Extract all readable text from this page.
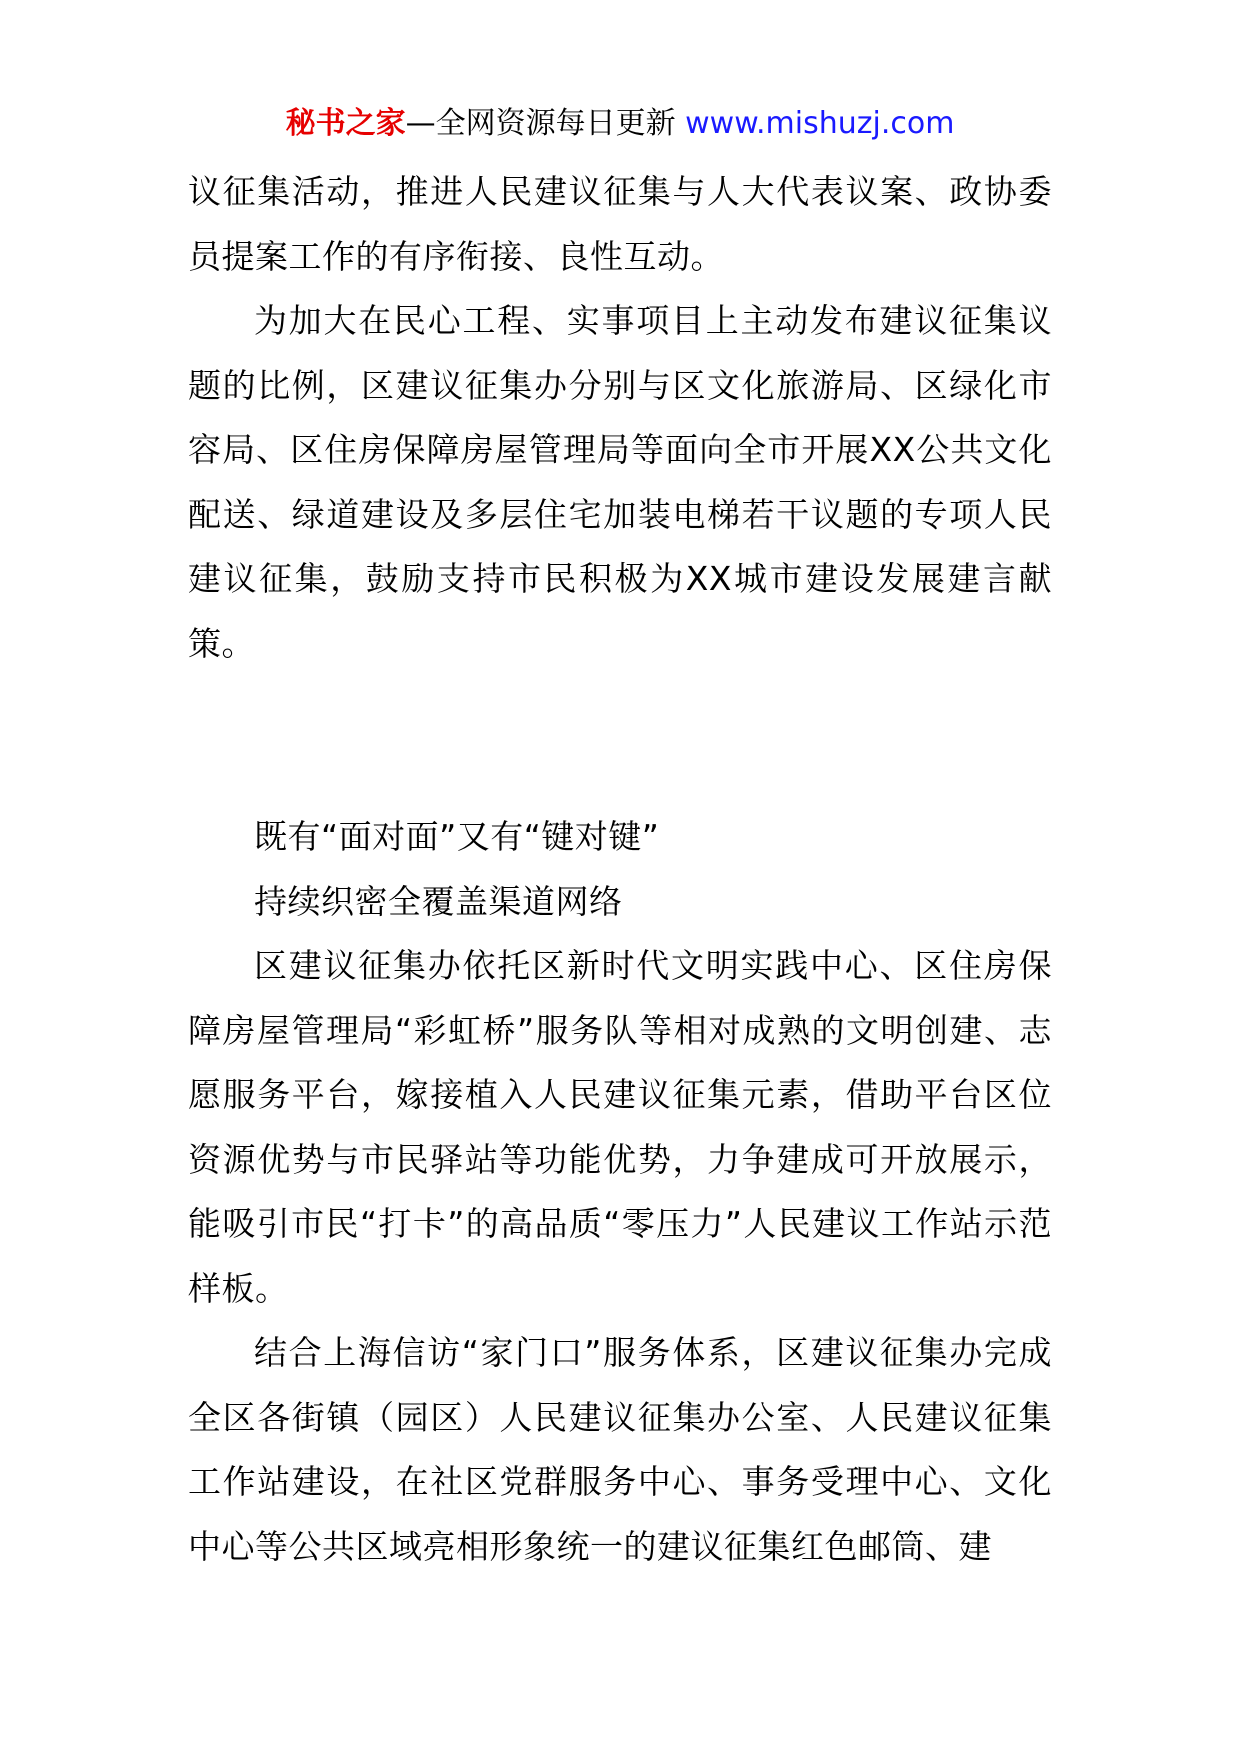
秘书之家—全网资源每日更新 www.mishuzj.com

议征集活动，推进人民建议征集与人大代表议案、政协委员提案工作的有序衔接、良性互动。

为加大在民心工程、实事项目上主动发布建议征集议题的比例，区建议征集办分别与区文化旅游局、区绿化市容局、区住房保障房屋管理局等面向全市开展XX公共文化配送、绿道建设及多层住宅加装电梯若干议题的专项人民建议征集，鼓励支持市民积极为XX城市建设发展建言献策。

既有“面对面”又有“键对键”

持续织密全覆盖渠道网络

区建议征集办依托区新时代文明实践中心、区住房保障房屋管理局“彩虹桥”服务队等相对成熟的文明创建、志愿服务平台，嫁接植入人民建议征集元素，借助平台区位资源优势与市民驿站等功能优势，力争建成可开放展示，能吸引市民“打卡”的高品质“零压力”人民建议工作站示范样板。

结合上海信访“家门口”服务体系，区建议征集办完成全区各街镇（园区）人民建议征集办公室、人民建议征集工作站建设，在社区党群服务中心、事务受理中心、文化中心等公共区域亮相形象统一的建议征集红色邮筒、建
